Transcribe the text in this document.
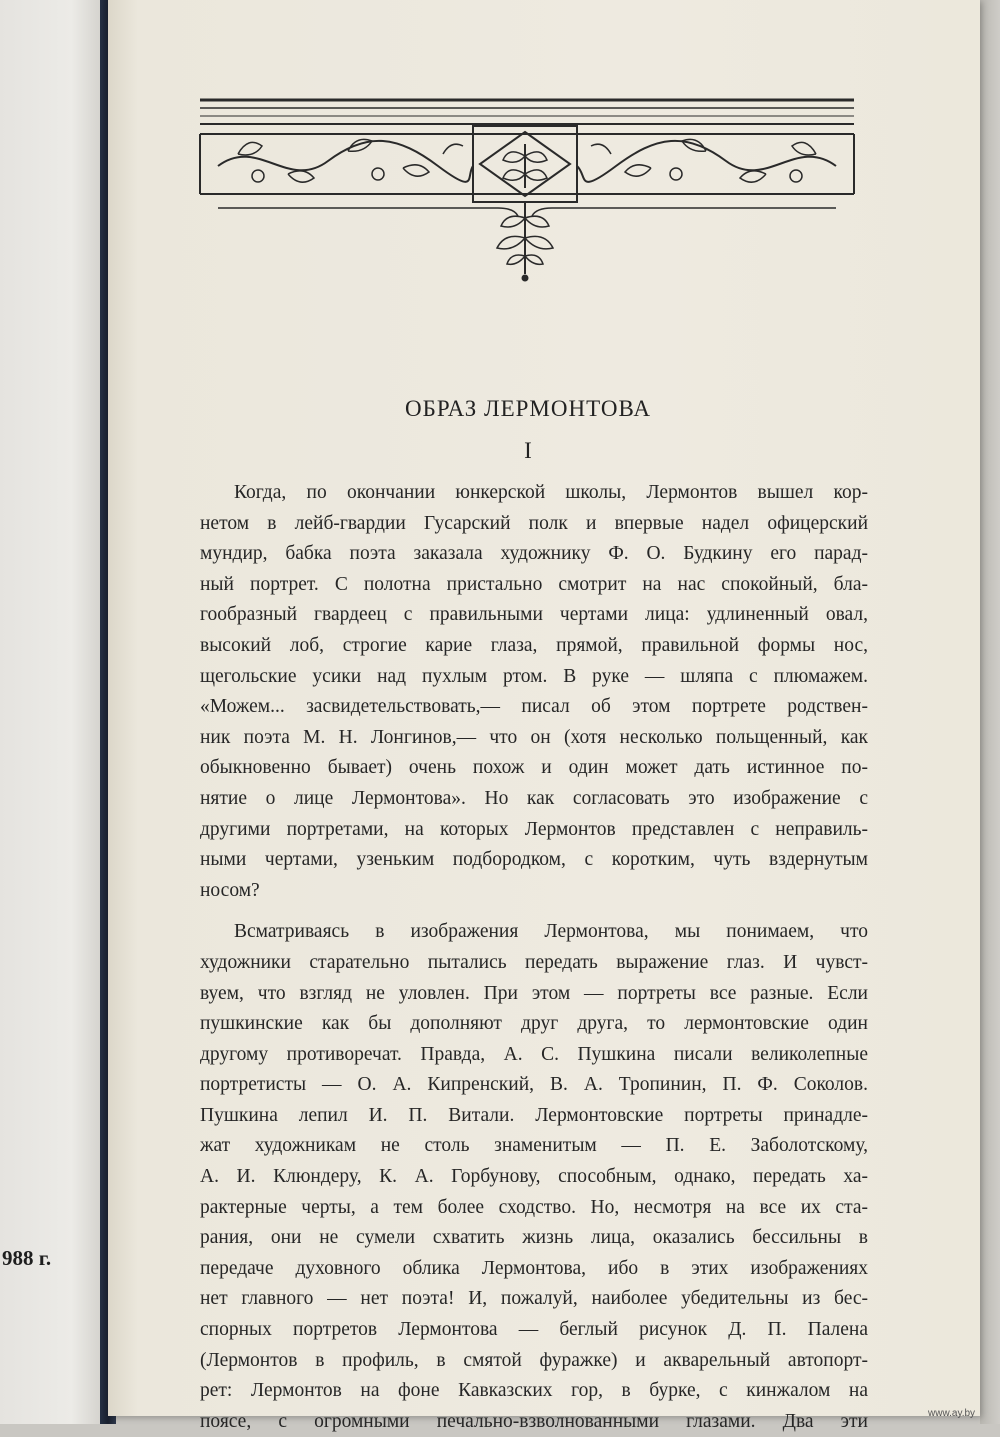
988 г.
ОБРАЗ ЛЕРМОНТОВА
I
Когда, по окончании юнкерской школы, Лермонтов вышел кор-
нетом в лейб-гвардии Гусарский полк и впервые надел офицерский
мундир, бабка поэта заказала художнику Ф. О. Будкину его парад-
ный портрет. С полотна пристально смотрит на нас спокойный, бла-
гообразный гвардеец с правильными чертами лица: удлиненный овал,
высокий лоб, строгие карие глаза, прямой, правильной формы нос,
щегольские усики над пухлым ртом. В руке — шляпа с плюмажем.
«Можем... засвидетельствовать,— писал об этом портрете родствен-
ник поэта М. Н. Лонгинов,— что он (хотя несколько польщенный, как
обыкновенно бывает) очень похож и один может дать истинное по-
нятие о лице Лермонтова». Но как согласовать это изображение с
другими портретами, на которых Лермонтов представлен с неправиль-
ными чертами, узеньким подбородком, с коротким, чуть вздернутым
носом?
Всматриваясь в изображения Лермонтова, мы понимаем, что
художники старательно пытались передать выражение глаз. И чувст-
вуем, что взгляд не уловлен. При этом — портреты все разные. Если
пушкинские как бы дополняют друг друга, то лермонтовские один
другому противоречат. Правда, А. С. Пушкина писали великолепные
портретисты — О. А. Кипренский, В. А. Тропинин, П. Ф. Соколов.
Пушкина лепил И. П. Витали. Лермонтовские портреты принадле-
жат художникам не столь знаменитым — П. Е. Заболотскому,
А. И. Клюндеру, К. А. Горбунову, способным, однако, передать ха-
рактерные черты, а тем более сходство. Но, несмотря на все их ста-
рания, они не сумели схватить жизнь лица, оказались бессильны в
передаче духовного облика Лермонтова, ибо в этих изображениях
нет главного — нет поэта! И, пожалуй, наиболее убедительны из бес-
спорных портретов Лермонтова — беглый рисунок Д. П. Палена
(Лермонтов в профиль, в смятой фуражке) и акварельный автопорт-
рет: Лермонтов на фоне Кавказских гор, в бурке, с кинжалом на
поясе, с огромными печально-взволнованными глазами. Два эти	www.ay.by
